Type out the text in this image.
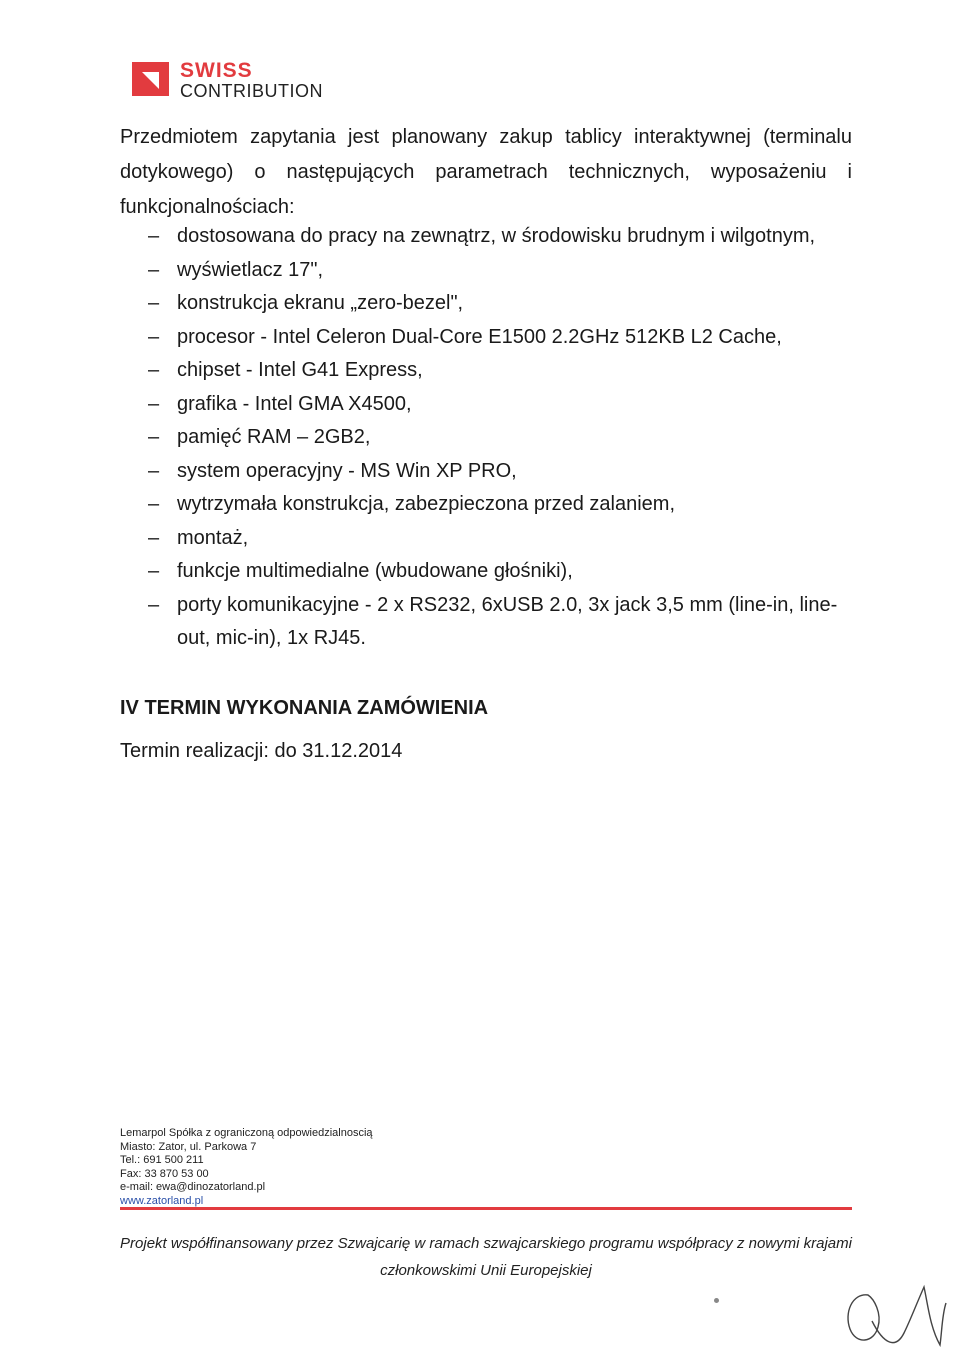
SWISS
CONTRIBUTION

Przedmiotem zapytania jest planowany zakup tablicy interaktywnej (terminalu dotykowego) o następujących parametrach technicznych, wyposażeniu i funkcjonalnościach:

– dostosowana do pracy na zewnątrz, w środowisku brudnym i wilgotnym,
– wyświetlacz 17",
– konstrukcja ekranu „zero-bezel",
– procesor - Intel Celeron Dual-Core E1500 2.2GHz 512KB L2 Cache,
– chipset - Intel G41 Express,
– grafika - Intel GMA X4500,
– pamięć RAM – 2GB2,
– system operacyjny - MS Win XP PRO,
– wytrzymała konstrukcja, zabezpieczona przed zalaniem,
– montaż,
– funkcje multimedialne (wbudowane głośniki),
– porty komunikacyjne - 2 x RS232, 6xUSB 2.0, 3x jack 3,5 mm (line-in, line-out, mic-in), 1x RJ45.
IV TERMIN WYKONANIA ZAMÓWIENIA
Termin realizacji: do 31.12.2014
Lemarpol Spółka z ograniczoną odpowiedzialnoscią
Miasto: Zator, ul. Parkowa 7
Tel.: 691 500 211
Fax: 33 870 53 00
e-mail: ewa@dinozatorland.pl
www.zatorland.pl
Projekt współfinansowany przez Szwajcarię w ramach szwajcarskiego programu współpracy z nowymi krajami
członkowskimi Unii Europejskiej
